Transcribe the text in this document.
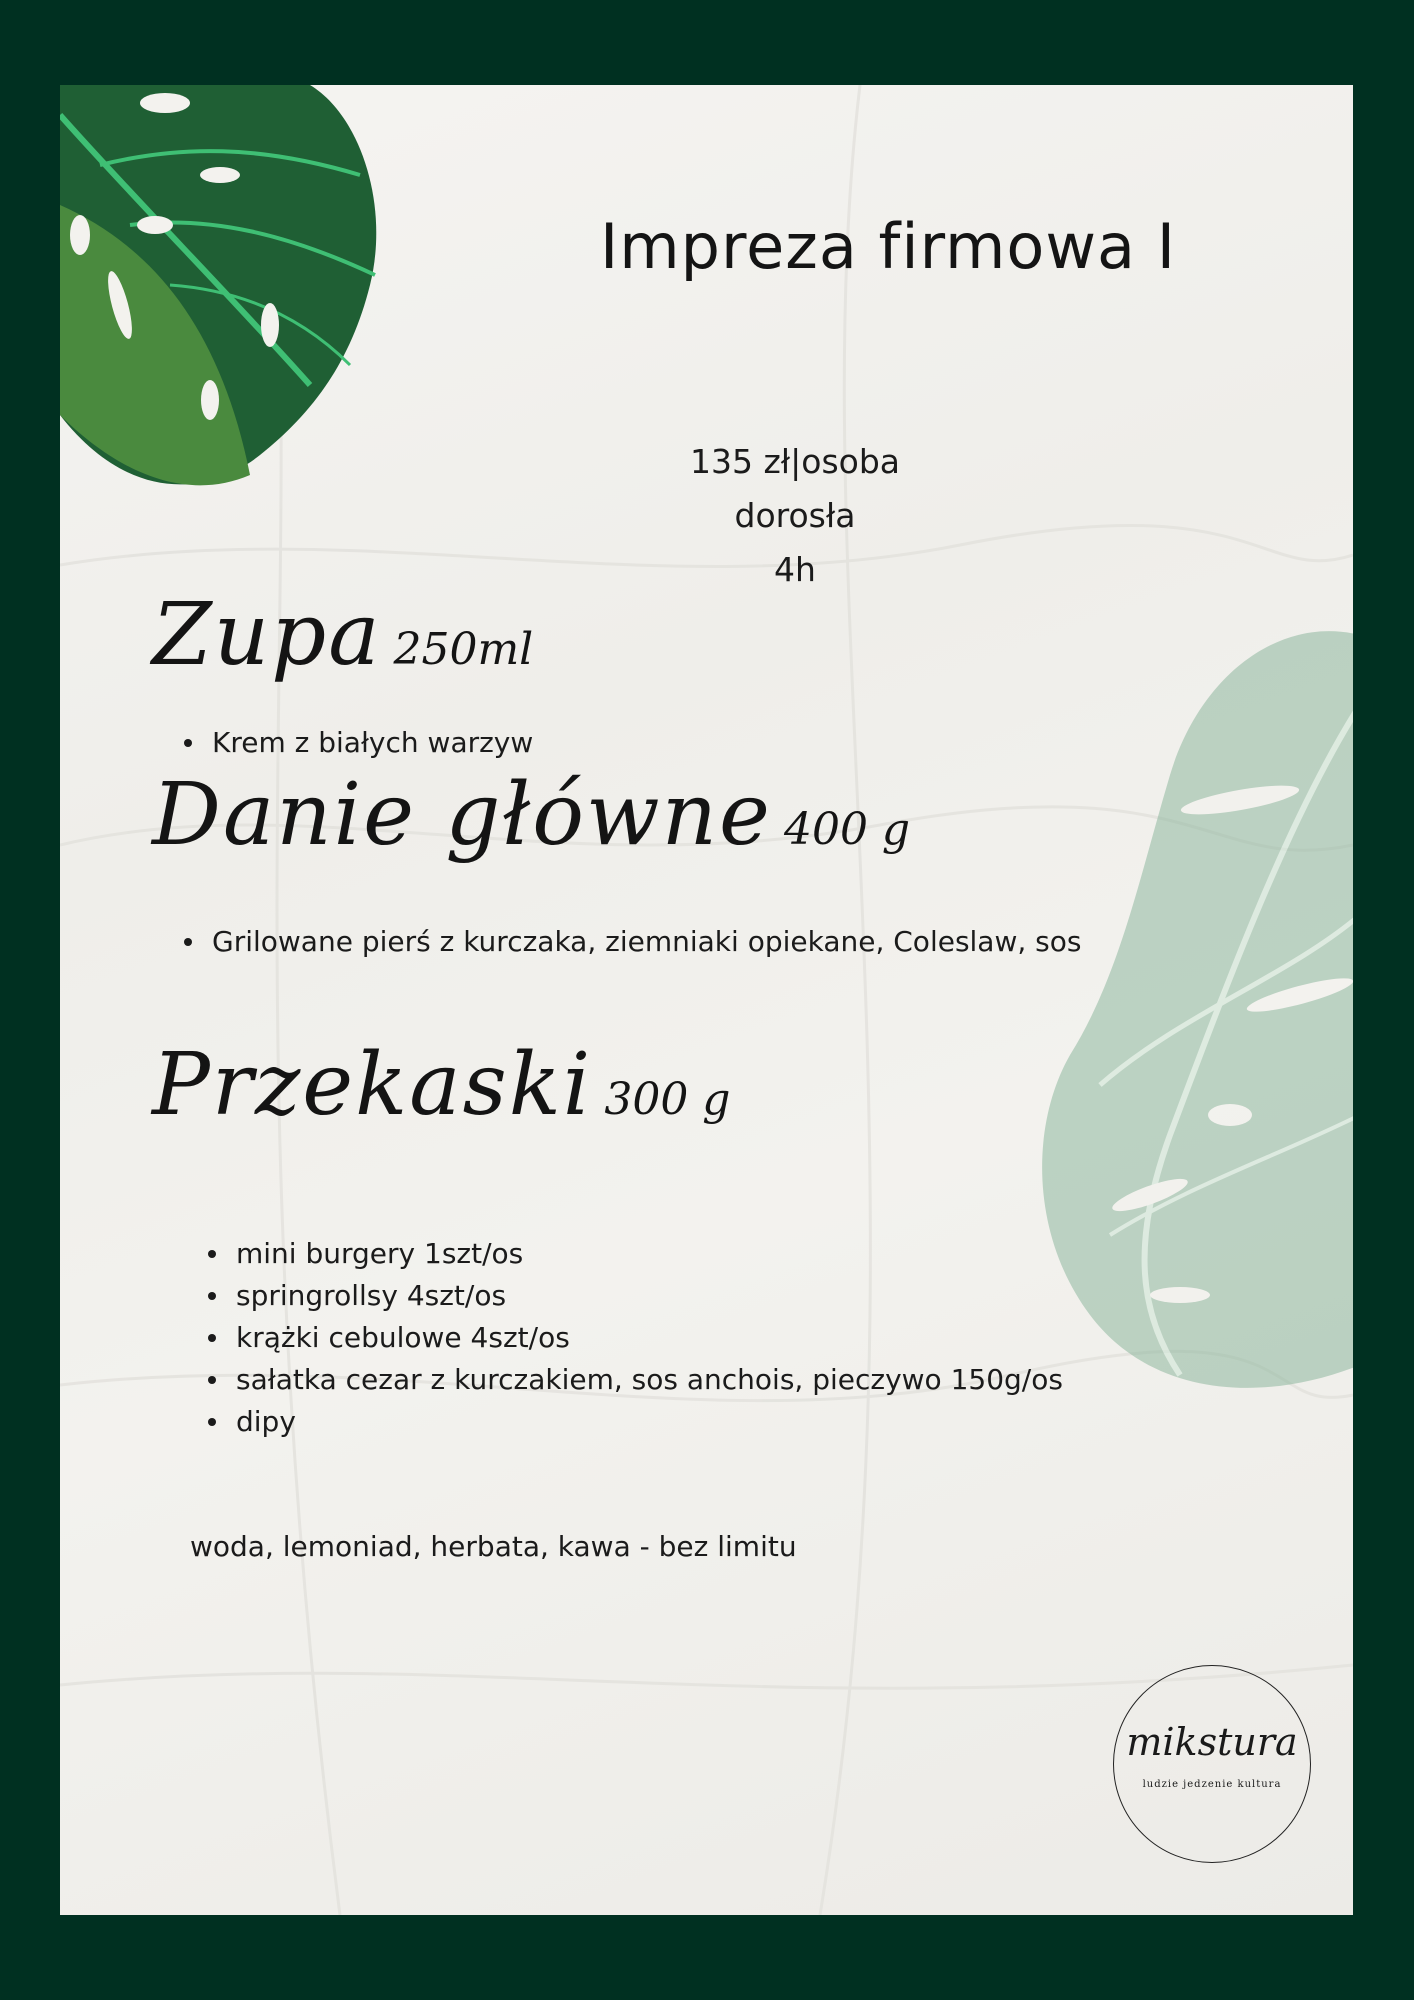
Impreza firmowa I
135 zł|osoba dorosła
4h
Zupa 250ml
Krem z białych warzyw
Danie główne 400 g
Grilowane pierś z kurczaka, ziemniaki opiekane, Coleslaw, sos
Przekaski 300 g
mini burgery 1szt/os
springrollsy 4szt/os
krążki cebulowe 4szt/os
sałatka cezar z kurczakiem, sos anchois, pieczywo 150g/os
dipy
woda, lemoniad, herbata, kawa - bez limitu
mikstura
ludzie jedzenie kultura
